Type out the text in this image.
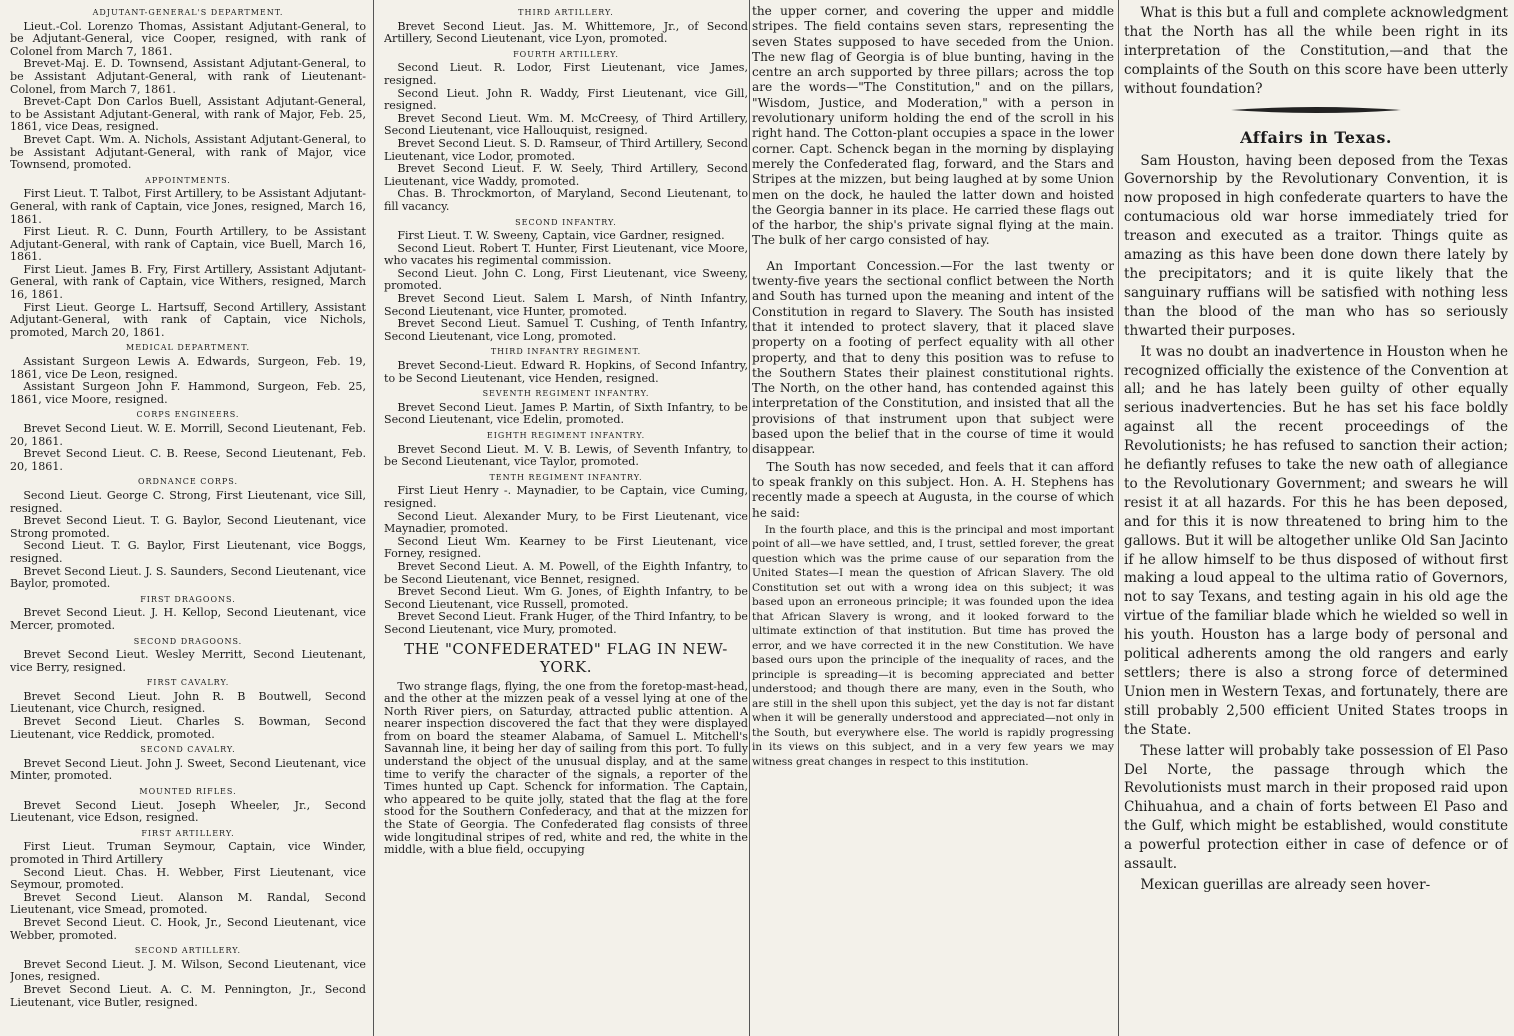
ADJUTANT-GENERAL'S DEPARTMENT.

Lieut.-Col. Lorenzo Thomas, Assistant Adjutant-General, to be Adjutant-General, vice Cooper, resigned, with rank of Colonel from March 7, 1861.

Brevet-Maj. E. D. Townsend, Assistant Adjutant-General, to be Assistant Adjutant-General, with rank of Lieutenant-Colonel, from March 7, 1861.

Brevet-Capt Don Carlos Buell, Assistant Adjutant-General, to be Assistant Adjutant-General, with rank of Major, Feb. 25, 1861, vice Deas, resigned.

Brevet Capt. Wm. A. Nichols, Assistant Adjutant-General, to be Assistant Adjutant-General, with rank of Major, vice Townsend, promoted.

APPOINTMENTS.

First Lieut. T. Talbot, First Artillery, to be Assistant Adjutant-General, with rank of Captain, vice Jones, resigned, March 16, 1861.

First Lieut. R. C. Dunn, Fourth Artillery, to be Assistant Adjutant-General, with rank of Captain, vice Buell, March 16, 1861.

First Lieut. James B. Fry, First Artillery, Assistant Adjutant-General, with rank of Captain, vice Withers, resigned, March 16, 1861.

First Lieut. George L. Hartsuff, Second Artillery, Assistant Adjutant-General, with rank of Captain, vice Nichols, promoted, March 20, 1861.

MEDICAL DEPARTMENT.

Assistant Surgeon Lewis A. Edwards, Surgeon, Feb. 19, 1861, vice De Leon, resigned.

Assistant Surgeon John F. Hammond, Surgeon, Feb. 25, 1861, vice Moore, resigned.

CORPS ENGINEERS.

Brevet Second Lieut. W. E. Morrill, Second Lieutenant, Feb. 20, 1861.

Brevet Second Lieut. C. B. Reese, Second Lieutenant, Feb. 20, 1861.

ORDNANCE CORPS.

Second Lieut. George C. Strong, First Lieutenant, vice Sill, resigned.

Brevet Second Lieut. T. G. Baylor, Second Lieutenant, vice Strong promoted.

Second Lieut. T. G. Baylor, First Lieutenant, vice Boggs, resigned.

Brevet Second Lieut. J. S. Saunders, Second Lieutenant, vice Baylor, promoted.

FIRST DRAGOONS.

Brevet Second Lieut. J. H. Kellop, Second Lieutenant, vice Mercer, promoted.

SECOND DRAGOONS.

Brevet Second Lieut. Wesley Merritt, Second Lieutenant, vice Berry, resigned.

FIRST CAVALRY.

Brevet Second Lieut. John R. B Boutwell, Second Lieutenant, vice Church, resigned.

Brevet Second Lieut. Charles S. Bowman, Second Lieutenant, vice Reddick, promoted.

SECOND CAVALRY.

Brevet Second Lieut. John J. Sweet, Second Lieutenant, vice Minter, promoted.

MOUNTED RIFLES.

Brevet Second Lieut. Joseph Wheeler, Jr., Second Lieutenant, vice Edson, resigned.

FIRST ARTILLERY.

First Lieut. Truman Seymour, Captain, vice Winder, promoted in Third Artillery

Second Lieut. Chas. H. Webber, First Lieutenant, vice Seymour, promoted.

Brevet Second Lieut. Alanson M. Randal, Second Lieutenant, vice Smead, promoted.

Brevet Second Lieut. C. Hook, Jr., Second Lieutenant, vice Webber, promoted.

SECOND ARTILLERY.

Brevet Second Lieut. J. M. Wilson, Second Lieutenant, vice Jones, resigned.

Brevet Second Lieut. A. C. M. Pennington, Jr., Second Lieutenant, vice Butler, resigned.

THIRD ARTILLERY.

Brevet Second Lieut. Jas. M. Whittemore, Jr., of Second Artillery, Second Lieutenant, vice Lyon, promoted.

FOURTH ARTILLERY.

Second Lieut. R. Lodor, First Lieutenant, vice James, resigned.

Second Lieut. John R. Waddy, First Lieutenant, vice Gill, resigned.

Brevet Second Lieut. Wm. M. McCreesy, of Third Artillery, Second Lieutenant, vice Hallouquist, resigned.

Brevet Second Lieut. S. D. Ramseur, of Third Artillery, Second Lieutenant, vice Lodor, promoted.

Brevet Second Lieut. F. W. Seely, Third Artillery, Second Lieutenant, vice Waddy, promoted.

Chas. B. Throckmorton, of Maryland, Second Lieutenant, to fill vacancy.

SECOND INFANTRY.

First Lieut. T. W. Sweeny, Captain, vice Gardner, resigned.

Second Lieut. Robert T. Hunter, First Lieutenant, vice Moore, who vacates his regimental commission.

Second Lieut. John C. Long, First Lieutenant, vice Sweeny, promoted.

Brevet Second Lieut. Salem L Marsh, of Ninth Infantry, Second Lieutenant, vice Hunter, promoted.

Brevet Second Lieut. Samuel T. Cushing, of Tenth Infantry, Second Lieutenant, vice Long, promoted.

THIRD INFANTRY REGIMENT.

Brevet Second-Lieut. Edward R. Hopkins, of Second Infantry, to be Second Lieutenant, vice Henden, resigned.

SEVENTH REGIMENT INFANTRY.

Brevet Second Lieut. James P. Martin, of Sixth Infantry, to be Second Lieutenant, vice Edelin, promoted.

EIGHTH REGIMENT INFANTRY.

Brevet Second Lieut. M. V. B. Lewis, of Seventh Infantry, to be Second Lieutenant, vice Taylor, promoted.

TENTH REGIMENT INFANTRY.

First Lieut Henry -. Maynadier, to be Captain, vice Cuming, resigned.

Second Lieut. Alexander Mury, to be First Lieutenant, vice Maynadier, promoted.

Second Lieut Wm. Kearney to be First Lieutenant, vice Forney, resigned.

Brevet Second Lieut. A. M. Powell, of the Eighth Infantry, to be Second Lieutenant, vice Bennet, resigned.

Brevet Second Lieut. Wm G. Jones, of Eighth Infantry, to be Second Lieutenant, vice Russell, promoted.

Brevet Second Lieut. Frank Huger, of the Third Infantry, to be Second Lieutenant, vice Mury, promoted.

THE "CONFEDERATED" FLAG IN NEW-YORK.

Two strange flags, flying, the one from the foretop-mast-head, and the other at the mizzen peak of a vessel lying at one of the North River piers, on Saturday, attracted public attention. A nearer inspection discovered the fact that they were displayed from on board the steamer Alabama, of Samuel L. Mitchell's Savannah line, it being her day of sailing from this port. To fully understand the object of the unusual display, and at the same time to verify the character of the signals, a reporter of the Times hunted up Capt. Schenck for information. The Captain, who appeared to be quite jolly, stated that the flag at the fore stood for the Southern Confederacy, and that at the mizzen for the State of Georgia. The Confederated flag consists of three wide longitudinal stripes of red, white and red, the white in the middle, with a blue field, occupying

the upper corner, and covering the upper and middle stripes. The field contains seven stars, representing the seven States supposed to have seceded from the Union. The new flag of Georgia is of blue bunting, having in the centre an arch supported by three pillars; across the top are the words—"The Constitution," and on the pillars, "Wisdom, Justice, and Moderation," with a person in revolutionary uniform holding the end of the scroll in his right hand. The Cotton-plant occupies a space in the lower corner. Capt. Schenck began in the morning by displaying merely the Confederated flag, forward, and the Stars and Stripes at the mizzen, but being laughed at by some Union men on the dock, he hauled the latter down and hoisted the Georgia banner in its place. He carried these flags out of the harbor, the ship's private signal flying at the main. The bulk of her cargo consisted of hay.

An Important Concession.—For the last twenty or twenty-five years the sectional conflict between the North and South has turned upon the meaning and intent of the Constitution in regard to Slavery. The South has insisted that it intended to protect slavery, that it placed slave property on a footing of perfect equality with all other property, and that to deny this position was to refuse to the Southern States their plainest constitutional rights. The North, on the other hand, has contended against this interpretation of the Constitution, and insisted that all the provisions of that instrument upon that subject were based upon the belief that in the course of time it would disappear.

The South has now seceded, and feels that it can afford to speak frankly on this subject. Hon. A. H. Stephens has recently made a speech at Augusta, in the course of which he said:

In the fourth place, and this is the principal and most important point of all—we have settled, and, I trust, settled forever, the great question which was the prime cause of our separation from the United States—I mean the question of African Slavery. The old Constitution set out with a wrong idea on this subject; it was based upon an erroneous principle; it was founded upon the idea that African Slavery is wrong, and it looked forward to the ultimate extinction of that institution. But time has proved the error, and we have corrected it in the new Constitution. We have based ours upon the principle of the inequality of races, and the principle is spreading—it is becoming appreciated and better understood; and though there are many, even in the South, who are still in the shell upon this subject, yet the day is not far distant when it will be generally understood and appreciated—not only in the South, but everywhere else. The world is rapidly progressing in its views on this subject, and in a very few years we may witness great changes in respect to this institution.

What is this but a full and complete acknowledgment that the North has all the while been right in its interpretation of the Constitution,—and that the complaints of the South on this score have been utterly without foundation?

Affairs in Texas.

Sam Houston, having been deposed from the Texas Governorship by the Revolutionary Convention, it is now proposed in high confederate quarters to have the contumacious old war horse immediately tried for treason and executed as a traitor. Things quite as amazing as this have been done down there lately by the precipitators; and it is quite likely that the sanguinary ruffians will be satisfied with nothing less than the blood of the man who has so seriously thwarted their purposes.

It was no doubt an inadvertence in Houston when he recognized officially the existence of the Convention at all; and he has lately been guilty of other equally serious inadvertencies. But he has set his face boldly against all the recent proceedings of the Revolutionists; he has refused to sanction their action; he defiantly refuses to take the new oath of allegiance to the Revolutionary Government; and swears he will resist it at all hazards. For this he has been deposed, and for this it is now threatened to bring him to the gallows. But it will be altogether unlike Old San Jacinto if he allow himself to be thus disposed of without first making a loud appeal to the ultima ratio of Governors, not to say Texans, and testing again in his old age the virtue of the familiar blade which he wielded so well in his youth. Houston has a large body of personal and political adherents among the old rangers and early settlers; there is also a strong force of determined Union men in Western Texas, and fortunately, there are still probably 2,500 efficient United States troops in the State.

These latter will probably take possession of El Paso Del Norte, the passage through which the Revolutionists must march in their proposed raid upon Chihuahua, and a chain of forts between El Paso and the Gulf, which might be established, would constitute a powerful protection either in case of defence or of assault.

Mexican guerillas are already seen hover-
